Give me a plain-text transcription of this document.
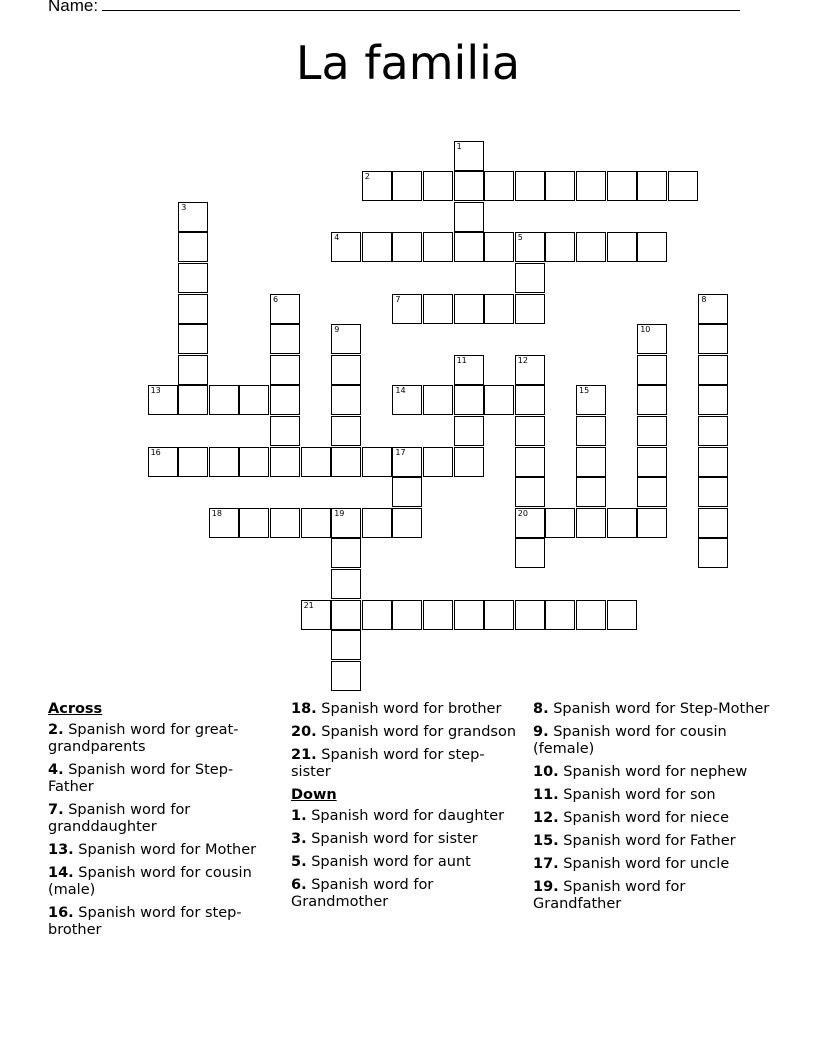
Name:
La familia
1
2
3
4	5
6	7	8
9	10
11	12
20
13	14	15
16	17
18	19
21
Across
2. Spanish word for great-grandparents
4. Spanish word for Step-Father
7. Spanish word for granddaughter
13. Spanish word for Mother
14. Spanish word for cousin (male)
16. Spanish word for step-brother
18. Spanish word for brother
20. Spanish word for grandson
21. Spanish word for step-sister
Down
1. Spanish word for daughter
3. Spanish word for sister
5. Spanish word for aunt
6. Spanish word for Grandmother
8. Spanish word for Step-Mother
9. Spanish word for cousin (female)
10. Spanish word for nephew
11. Spanish word for son
12. Spanish word for niece
15. Spanish word for Father
17. Spanish word for uncle
19. Spanish word for Grandfather
